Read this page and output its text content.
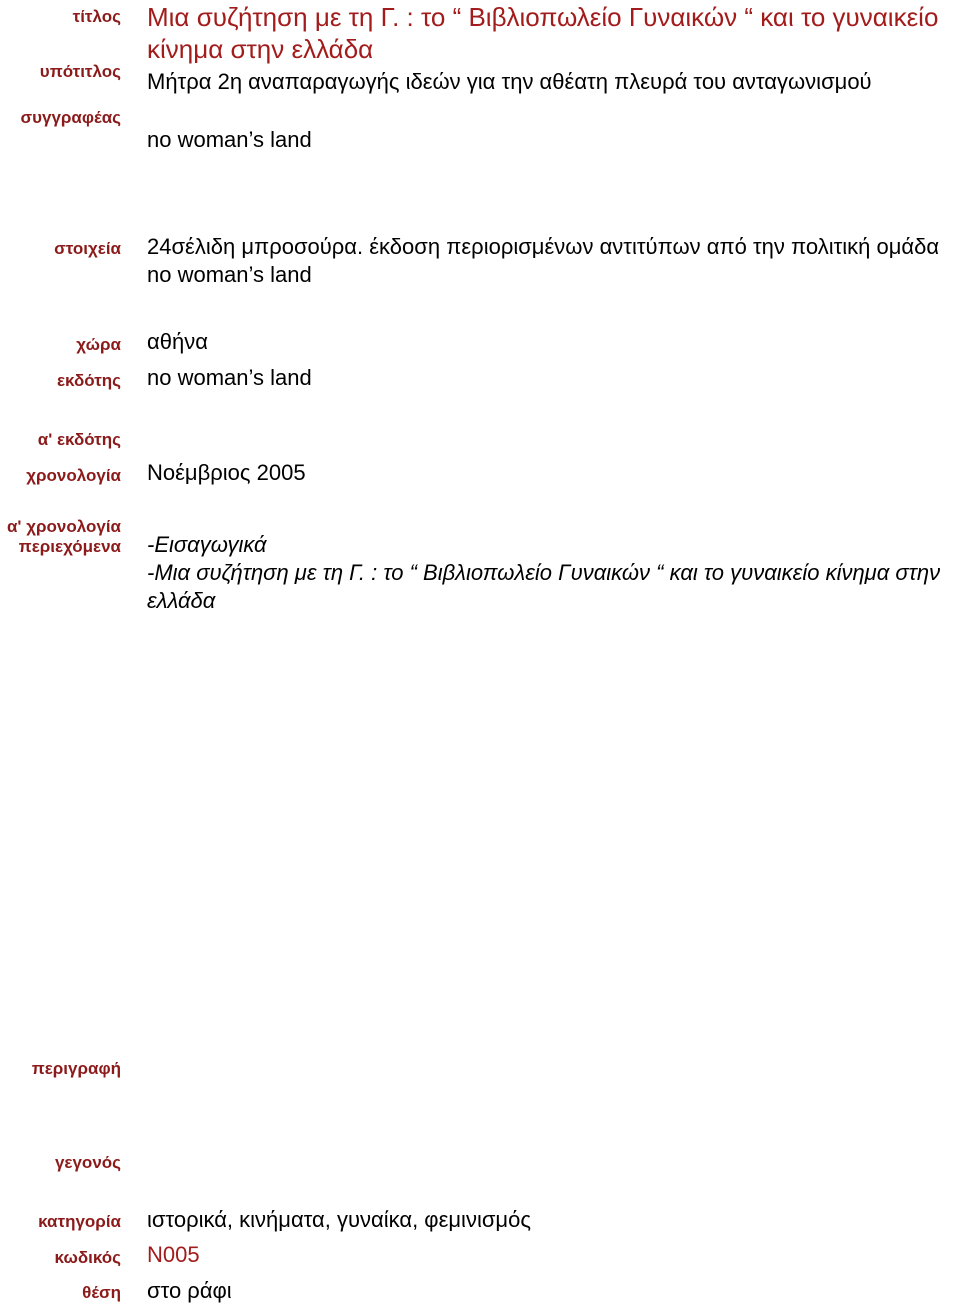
τίτλος
υπότιτλος
συγγραφέας
στοιχεία
χώρα
εκδότης
α' εκδότης
χρονολογία
α' χρονολογία
περιεχόμενα
περιγραφή
γεγονός
κατηγορία
κωδικός
θέση
Μια συζήτηση με τη Γ. : το “ Βιβλιοπωλείο Γυναικών “ και το γυναικείο κίνημα στην ελλάδα
Μήτρα 2η αναπαραγωγής ιδεών για την αθέατη πλευρά του ανταγωνισμού
no woman’s land
24σέλιδη μπροσούρα. έκδοση περιορισμένων αντιτύπων από την πολιτική ομάδα no woman’s land
αθήνα
no woman’s land
Νοέμβριος 2005
-Εισαγωγικά
-Μια συζήτηση με τη Γ. : το “ Βιβλιοπωλείο Γυναικών “ και το γυναικείο κίνημα στην ελλάδα
ιστορικά, κινήματα, γυναίκα, φεμινισμός
N005
στο ράφι
